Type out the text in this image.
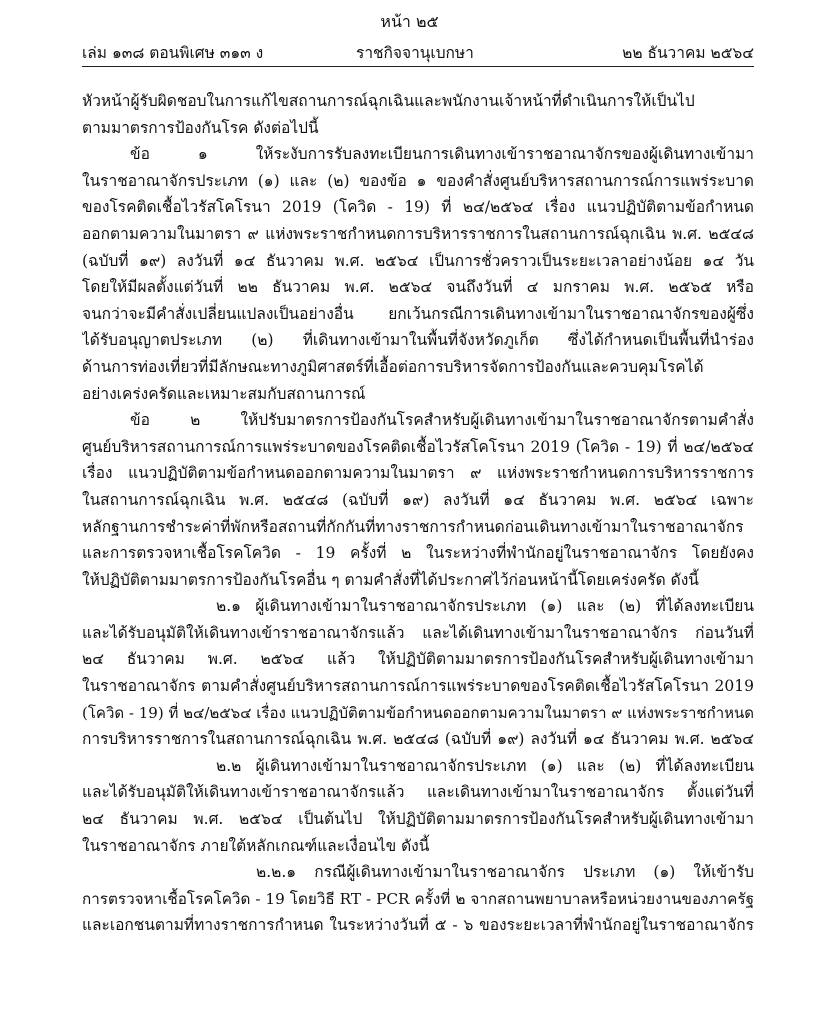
หน้า ๒๕
เล่ม ๑๓๘ ตอนพิเศษ ๓๑๓ ง	ราชกิจจานุเบกษา	๒๒ ธันวาคม ๒๕๖๔
หัวหน้าผู้รับผิดชอบในการแก้ไขสถานการณ์ฉุกเฉินและพนักงานเจ้าหน้าที่ดำเนินการให้เป็นไป
ตามมาตรการป้องกันโรค ดังต่อไปนี้
ข้อ ๑ ให้ระงับการรับลงทะเบียนการเดินทางเข้าราชอาณาจักรของผู้เดินทางเข้ามา
ในราชอาณาจักรประเภท (๑) และ (๒) ของข้อ ๑ ของคำสั่งศูนย์บริหารสถานการณ์การแพร่ระบาด
ของโรคติดเชื้อไวรัสโคโรนา 2019 (โควิด - 19) ที่ ๒๔/๒๕๖๔ เรื่อง แนวปฏิบัติตามข้อกำหนด
ออกตามความในมาตรา ๙ แห่งพระราชกำหนดการบริหารราชการในสถานการณ์ฉุกเฉิน พ.ศ. ๒๕๔๘
(ฉบับที่ ๑๙) ลงวันที่ ๑๔ ธันวาคม พ.ศ. ๒๕๖๔ เป็นการชั่วคราวเป็นระยะเวลาอย่างน้อย ๑๔ วัน
โดยให้มีผลตั้งแต่วันที่ ๒๒ ธันวาคม พ.ศ. ๒๕๖๔ จนถึงวันที่ ๔ มกราคม พ.ศ. ๒๕๖๕ หรือ
จนกว่าจะมีคำสั่งเปลี่ยนแปลงเป็นอย่างอื่น ยกเว้นกรณีการเดินทางเข้ามาในราชอาณาจักรของผู้ซึ่ง
ได้รับอนุญาตประเภท (๒) ที่เดินทางเข้ามาในพื้นที่จังหวัดภูเก็ต ซึ่งได้กำหนดเป็นพื้นที่นำร่อง
ด้านการท่องเที่ยวที่มีลักษณะทางภูมิศาสตร์ที่เอื้อต่อการบริหารจัดการป้องกันและควบคุมโรคได้
อย่างเคร่งครัดและเหมาะสมกับสถานการณ์
ข้อ ๒ ให้ปรับมาตรการป้องกันโรคสำหรับผู้เดินทางเข้ามาในราชอาณาจักรตามคำสั่ง
ศูนย์บริหารสถานการณ์การแพร่ระบาดของโรคติดเชื้อไวรัสโคโรนา 2019 (โควิด - 19) ที่ ๒๔/๒๕๖๔
เรื่อง แนวปฏิบัติตามข้อกำหนดออกตามความในมาตรา ๙ แห่งพระราชกำหนดการบริหารราชการ
ในสถานการณ์ฉุกเฉิน พ.ศ. ๒๕๔๘ (ฉบับที่ ๑๙) ลงวันที่ ๑๔ ธันวาคม พ.ศ. ๒๕๖๔ เฉพาะ
หลักฐานการชำระค่าที่พักหรือสถานที่กักกันที่ทางราชการกำหนดก่อนเดินทางเข้ามาในราชอาณาจักร
และการตรวจหาเชื้อโรคโควิด - 19 ครั้งที่ ๒ ในระหว่างที่พำนักอยู่ในราชอาณาจักร โดยยังคง
ให้ปฏิบัติตามมาตรการป้องกันโรคอื่น ๆ ตามคำสั่งที่ได้ประกาศไว้ก่อนหน้านี้โดยเคร่งครัด ดังนี้
๒.๑ ผู้เดินทางเข้ามาในราชอาณาจักรประเภท (๑) และ (๒) ที่ได้ลงทะเบียน
และได้รับอนุมัติให้เดินทางเข้าราชอาณาจักรแล้ว และได้เดินทางเข้ามาในราชอาณาจักร ก่อนวันที่
๒๔ ธันวาคม พ.ศ. ๒๕๖๔ แล้ว ให้ปฏิบัติตามมาตรการป้องกันโรคสำหรับผู้เดินทางเข้ามา
ในราชอาณาจักร ตามคำสั่งศูนย์บริหารสถานการณ์การแพร่ระบาดของโรคติดเชื้อไวรัสโคโรนา 2019
(โควิด - 19) ที่ ๒๔/๒๕๖๔ เรื่อง แนวปฏิบัติตามข้อกำหนดออกตามความในมาตรา ๙ แห่งพระราชกำหนด
การบริหารราชการในสถานการณ์ฉุกเฉิน พ.ศ. ๒๕๔๘ (ฉบับที่ ๑๙) ลงวันที่ ๑๔ ธันวาคม พ.ศ. ๒๕๖๔
๒.๒ ผู้เดินทางเข้ามาในราชอาณาจักรประเภท (๑) และ (๒) ที่ได้ลงทะเบียน
และได้รับอนุมัติให้เดินทางเข้าราชอาณาจักรแล้ว และเดินทางเข้ามาในราชอาณาจักร ตั้งแต่วันที่
๒๔ ธันวาคม พ.ศ. ๒๕๖๔ เป็นต้นไป ให้ปฏิบัติตามมาตรการป้องกันโรคสำหรับผู้เดินทางเข้ามา
ในราชอาณาจักร ภายใต้หลักเกณฑ์และเงื่อนไข ดังนี้
๒.๒.๑ กรณีผู้เดินทางเข้ามาในราชอาณาจักร ประเภท (๑) ให้เข้ารับ
การตรวจหาเชื้อโรคโควิด - 19 โดยวิธี RT - PCR ครั้งที่ ๒ จากสถานพยาบาลหรือหน่วยงานของภาครัฐ
และเอกชนตามที่ทางราชการกำหนด ในระหว่างวันที่ ๕ - ๖ ของระยะเวลาที่พำนักอยู่ในราชอาณาจักร
